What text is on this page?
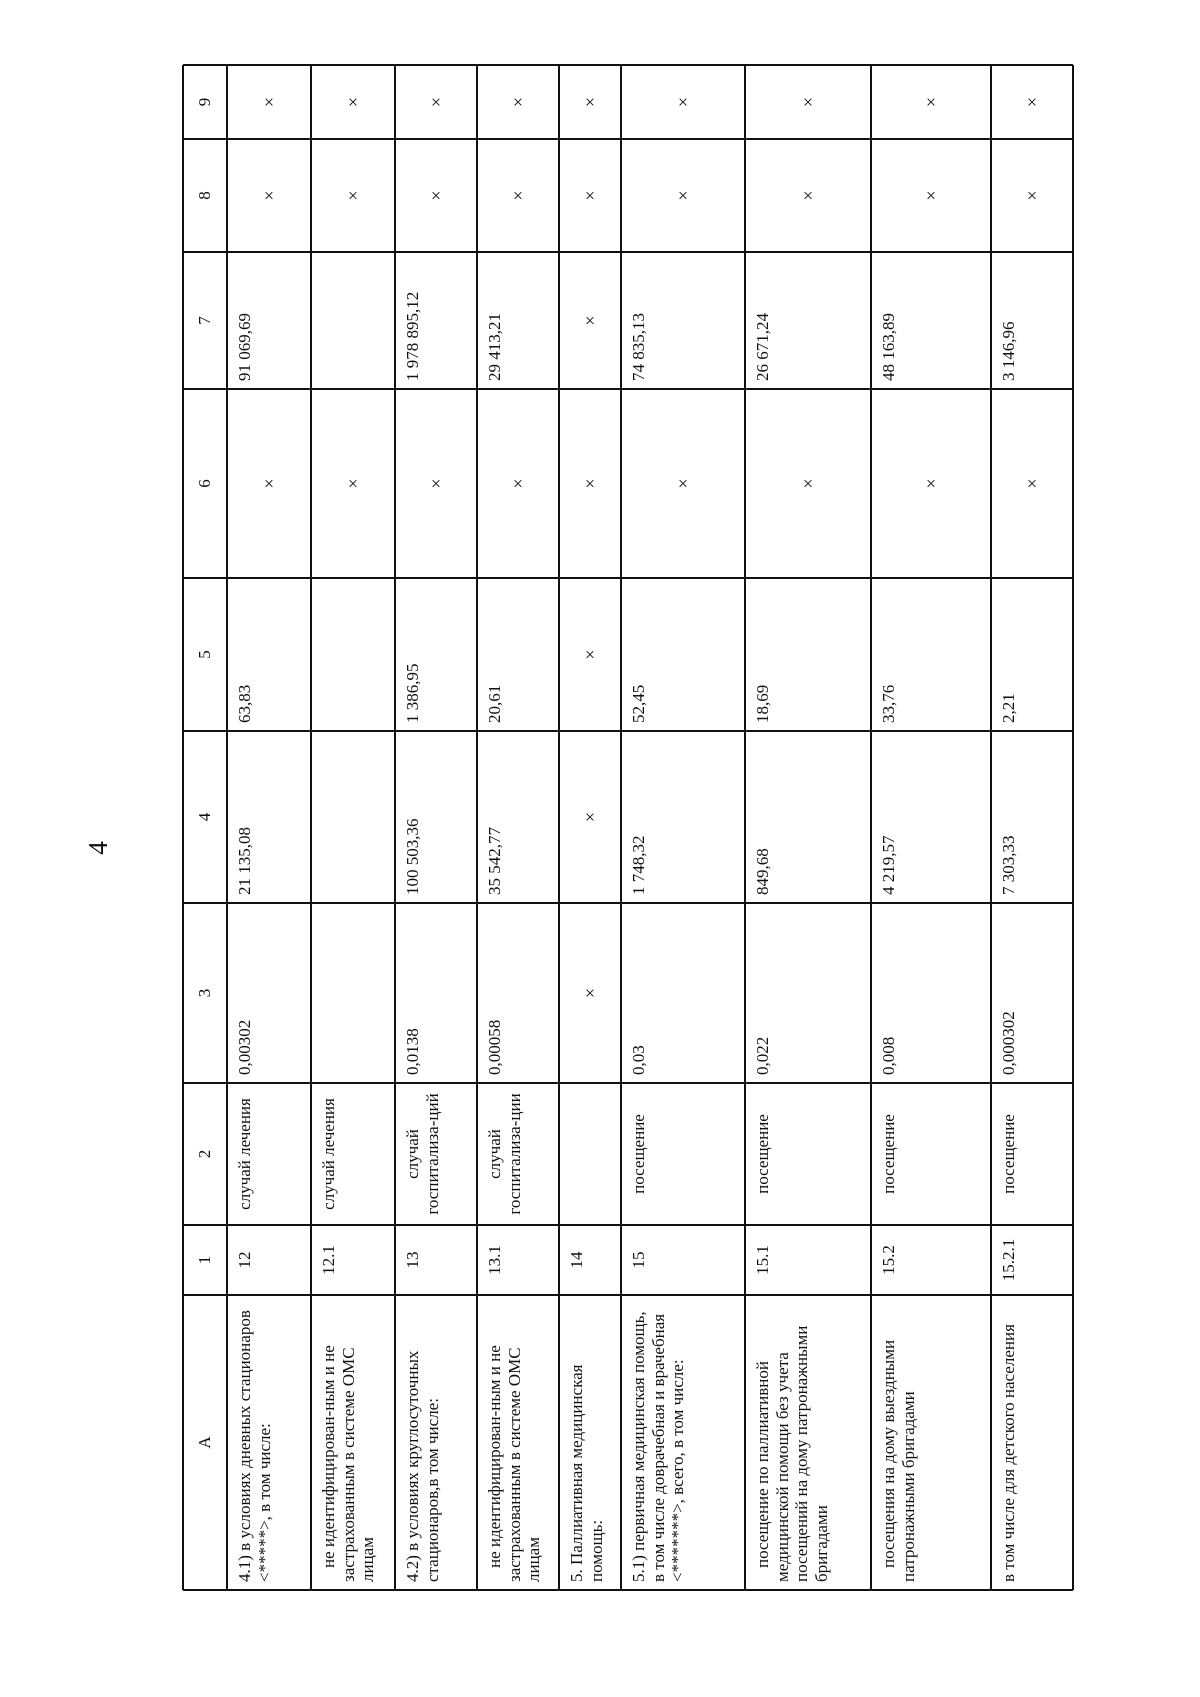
4
А
1
2
3
4
5
6
7
8
9
4.1) в условиях дневных стационаров <*****>, в том числе:
12
случай лечения
0,00302
21 135,08
63,83
×
91 069,69
×
×
не идентифицирован-ным и не застрахованным в системе ОМС лицам
12.1
случай лечения
×
×
×
4.2) в условиях круглосуточных стационаров,в том числе:
13
случай госпитализа-ций
0,0138
100 503,36
1 386,95
×
1 978 895,12
×
×
не идентифицирован-ным и не застрахованным в системе ОМС лицам
13.1
случай госпитализа-ции
0,00058
35 542,77
20,61
×
29 413,21
×
×
5. Паллиативная медицинская помощь:
14
×
×
×
×
×
×
×
5.1) первичная медицинская помощь, в том числе доврачебная и врачебная <*******>, всего, в том числе:
15
посещение
0,03
1 748,32
52,45
×
74 835,13
×
×
посещение по паллиативной медицинской помощи без учета посещений на дому патронажными бригадами
15.1
посещение
0,022
849,68
18,69
×
26 671,24
×
×
посещения на дому выездными патронажными бригадами
15.2
посещение
0,008
4 219,57
33,76
×
48 163,89
×
×
в том числе для детского населения
15.2.1
посещение
0,000302
7 303,33
2,21
×
3 146,96
×
×
